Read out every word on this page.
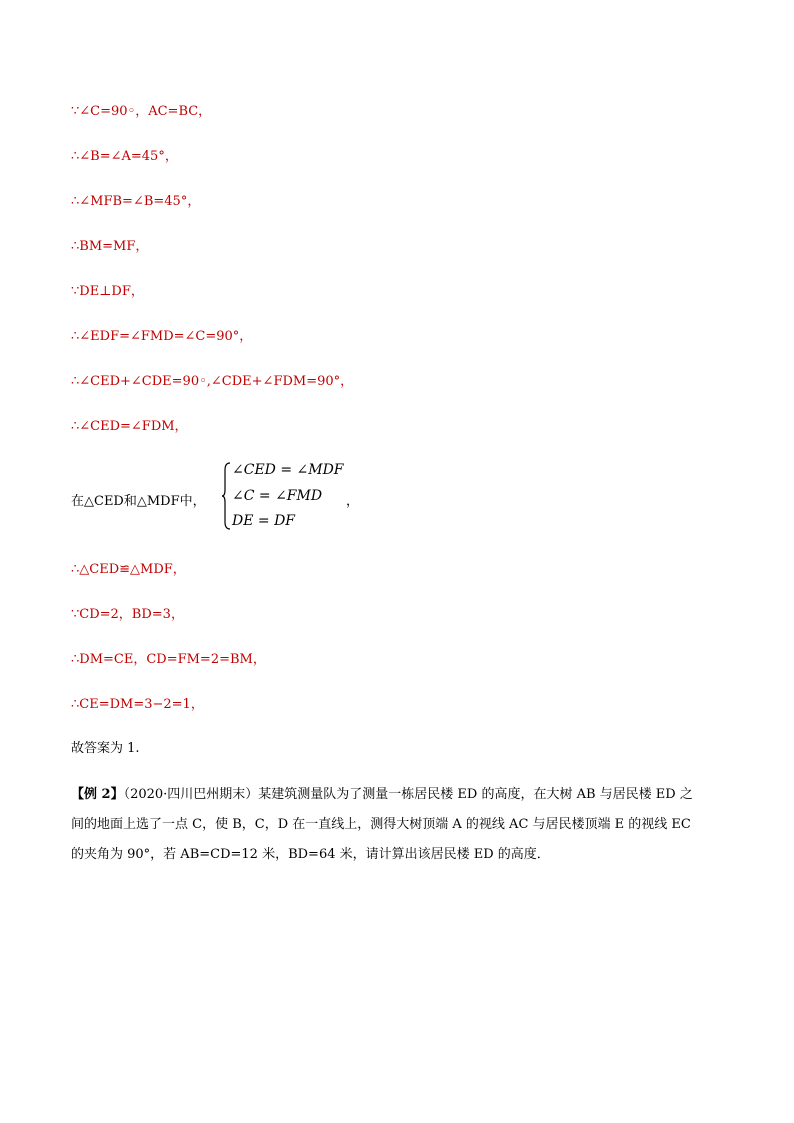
∵∠C=90◦，AC=BC，
∴∠B=∠A=45°，
∴∠MFB=∠B=45°，
∴BM=MF，
∵DE⊥DF，
∴∠EDF=∠FMD=∠C=90°，
∴∠CED+∠CDE=90◦,∠CDE+∠FDM=90°，
∴∠CED=∠FDM，
在△CED和△MDF中，
∠CED = ∠MDF
∠C = ∠FMD
DE = DF
，
∴△CED≌△MDF，
∵CD=2，BD=3，
∴DM=CE，CD=FM=2=BM，
∴CE=DM=3−2=1，
故答案为 1.
【例 2】（2020·四川巴州期末）某建筑测量队为了测量一栋居民楼 ED 的高度，在大树 AB 与居民楼 ED 之
间的地面上选了一点 C，使 B，C，D 在一直线上，测得大树顶端 A 的视线 AC 与居民楼顶端 E 的视线 EC
的夹角为 90°，若 AB=CD=12 米，BD=64 米，请计算出该居民楼 ED 的高度．
